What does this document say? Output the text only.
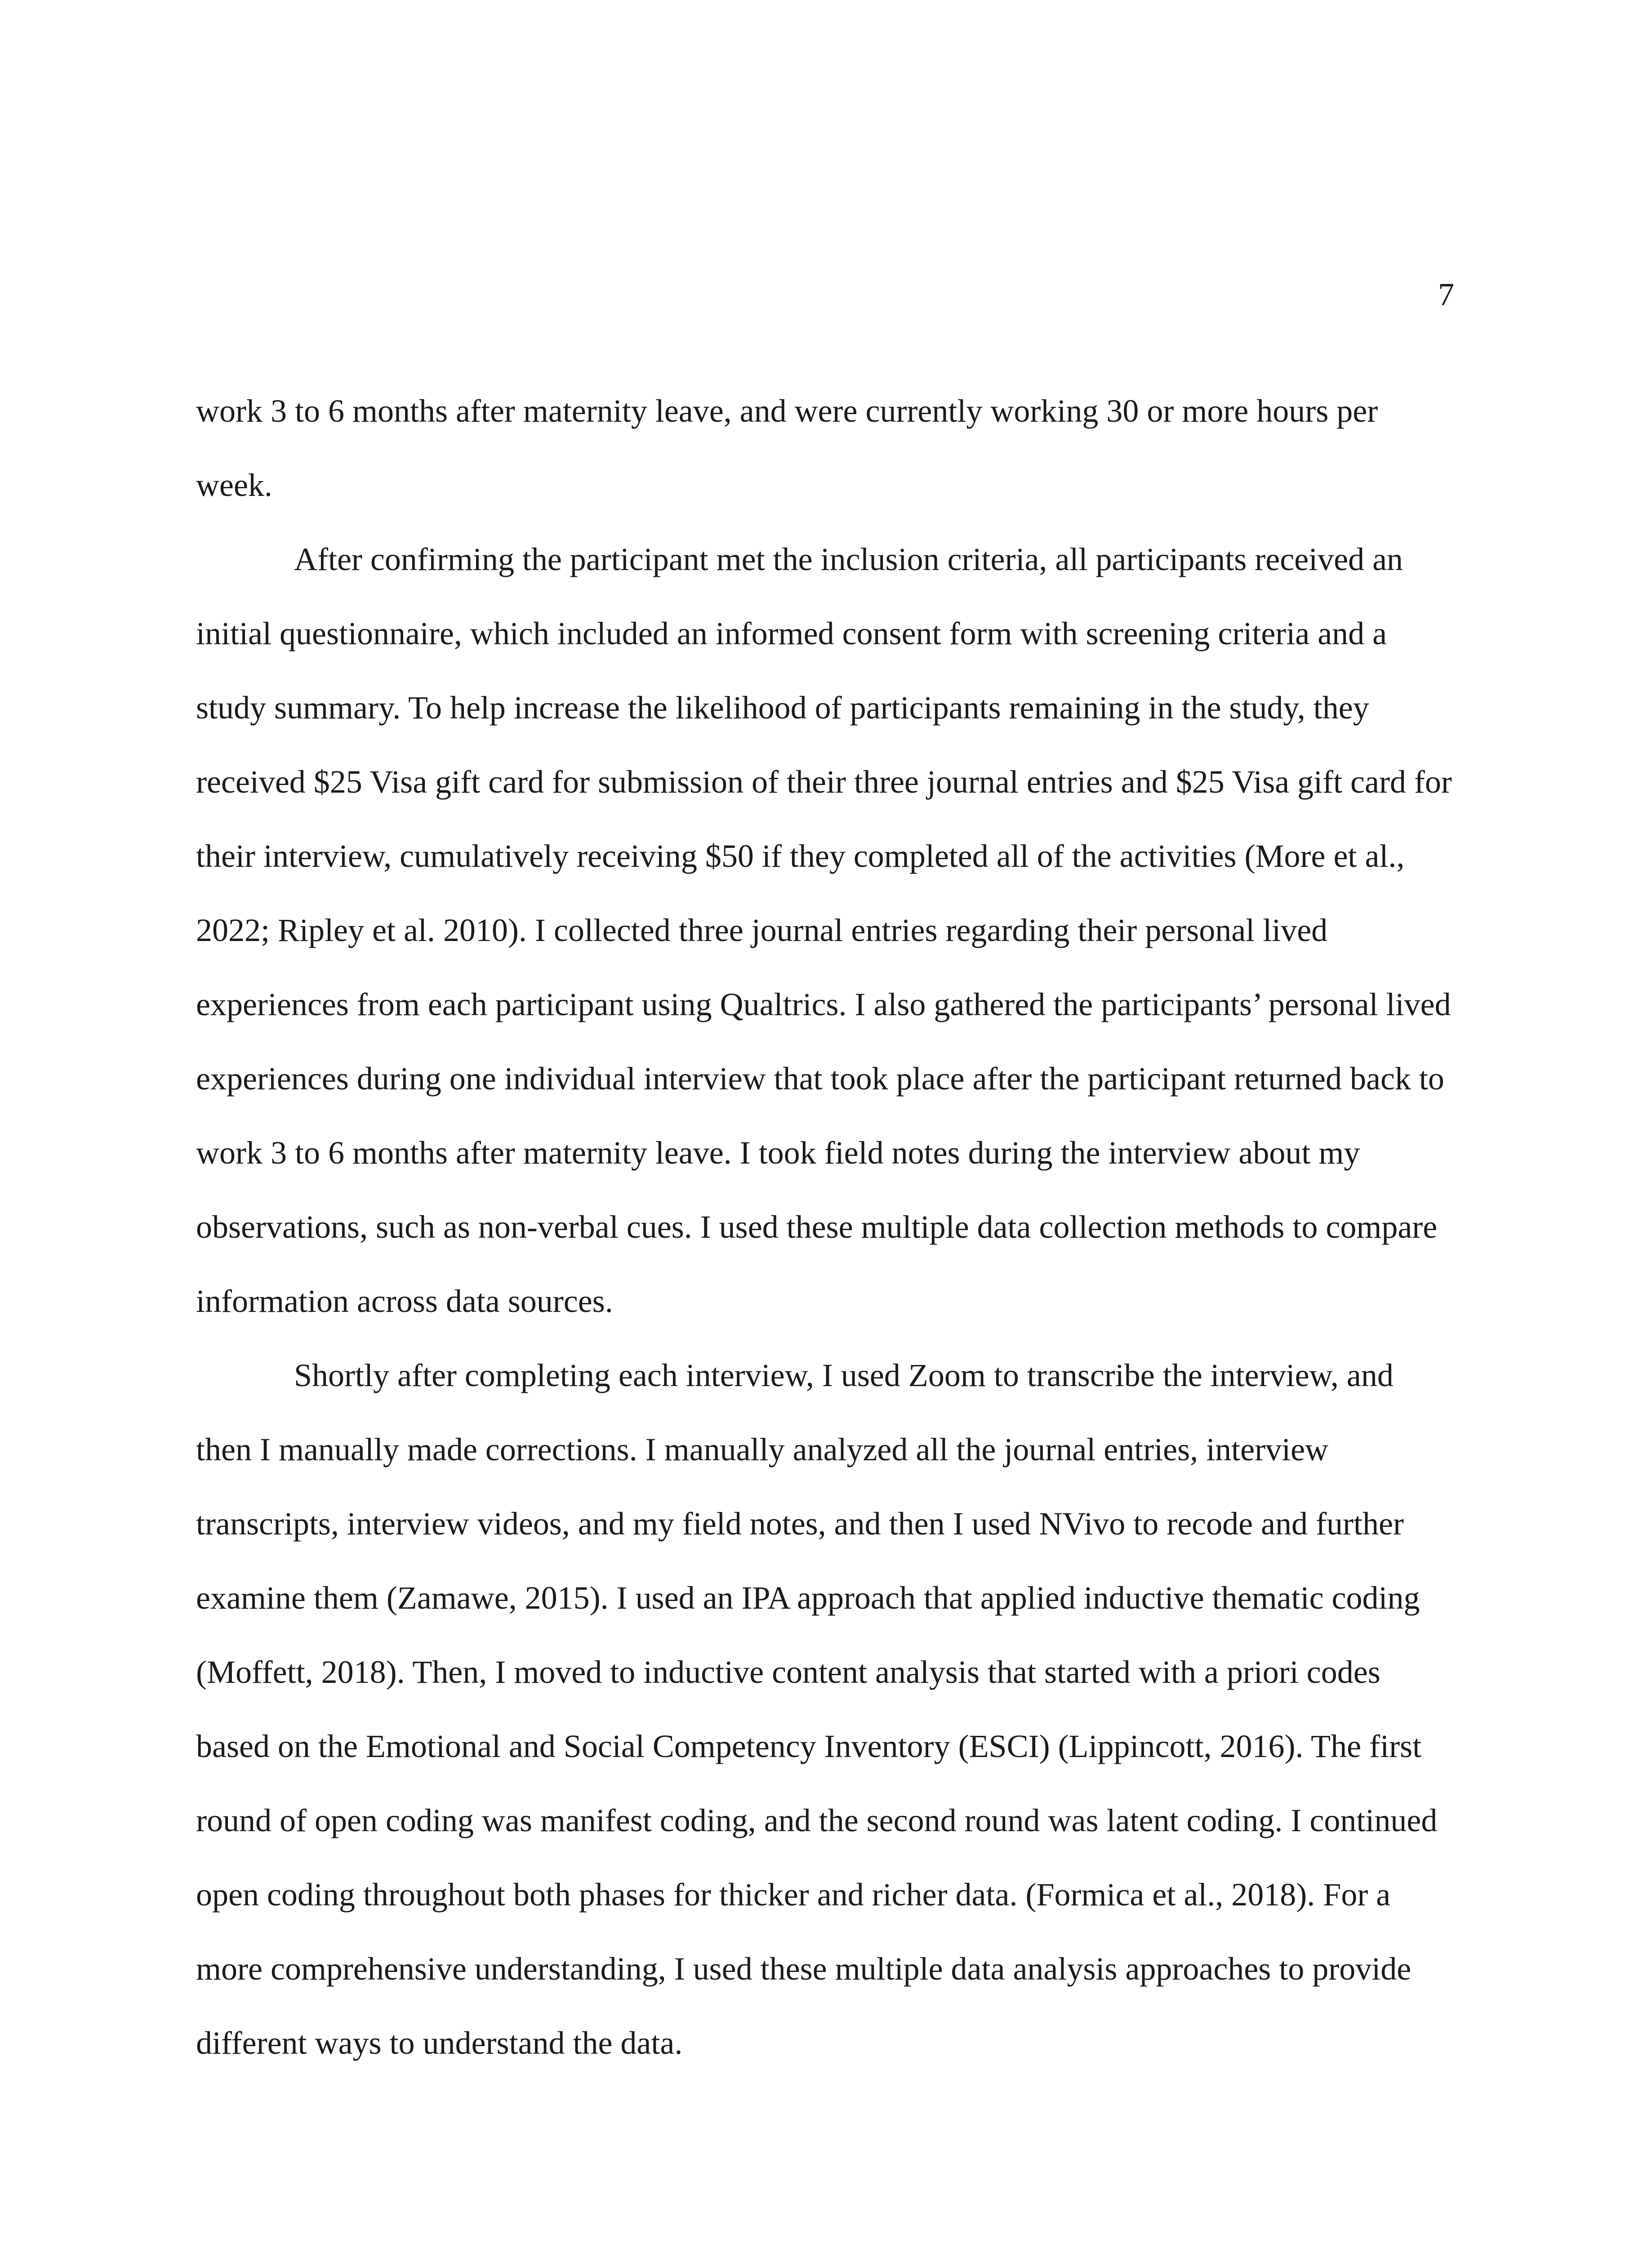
7
work 3 to 6 months after maternity leave, and were currently working 30 or more hours per
week.
After confirming the participant met the inclusion criteria, all participants received an
initial questionnaire, which included an informed consent form with screening criteria and a
study summary. To help increase the likelihood of participants remaining in the study, they
received $25 Visa gift card for submission of their three journal entries and $25 Visa gift card for
their interview, cumulatively receiving $50 if they completed all of the activities (More et al.,
2022; Ripley et al. 2010). I collected three journal entries regarding their personal lived
experiences from each participant using Qualtrics. I also gathered the participants’ personal lived
experiences during one individual interview that took place after the participant returned back to
work 3 to 6 months after maternity leave. I took field notes during the interview about my
observations, such as non-verbal cues. I used these multiple data collection methods to compare
information across data sources.
Shortly after completing each interview, I used Zoom to transcribe the interview, and
then I manually made corrections. I manually analyzed all the journal entries, interview
transcripts, interview videos, and my field notes, and then I used NVivo to recode and further
examine them (Zamawe, 2015). I used an IPA approach that applied inductive thematic coding
(Moffett, 2018). Then, I moved to inductive content analysis that started with a priori codes
based on the Emotional and Social Competency Inventory (ESCI) (Lippincott, 2016). The first
round of open coding was manifest coding, and the second round was latent coding. I continued
open coding throughout both phases for thicker and richer data. (Formica et al., 2018). For a
more comprehensive understanding, I used these multiple data analysis approaches to provide
different ways to understand the data.
